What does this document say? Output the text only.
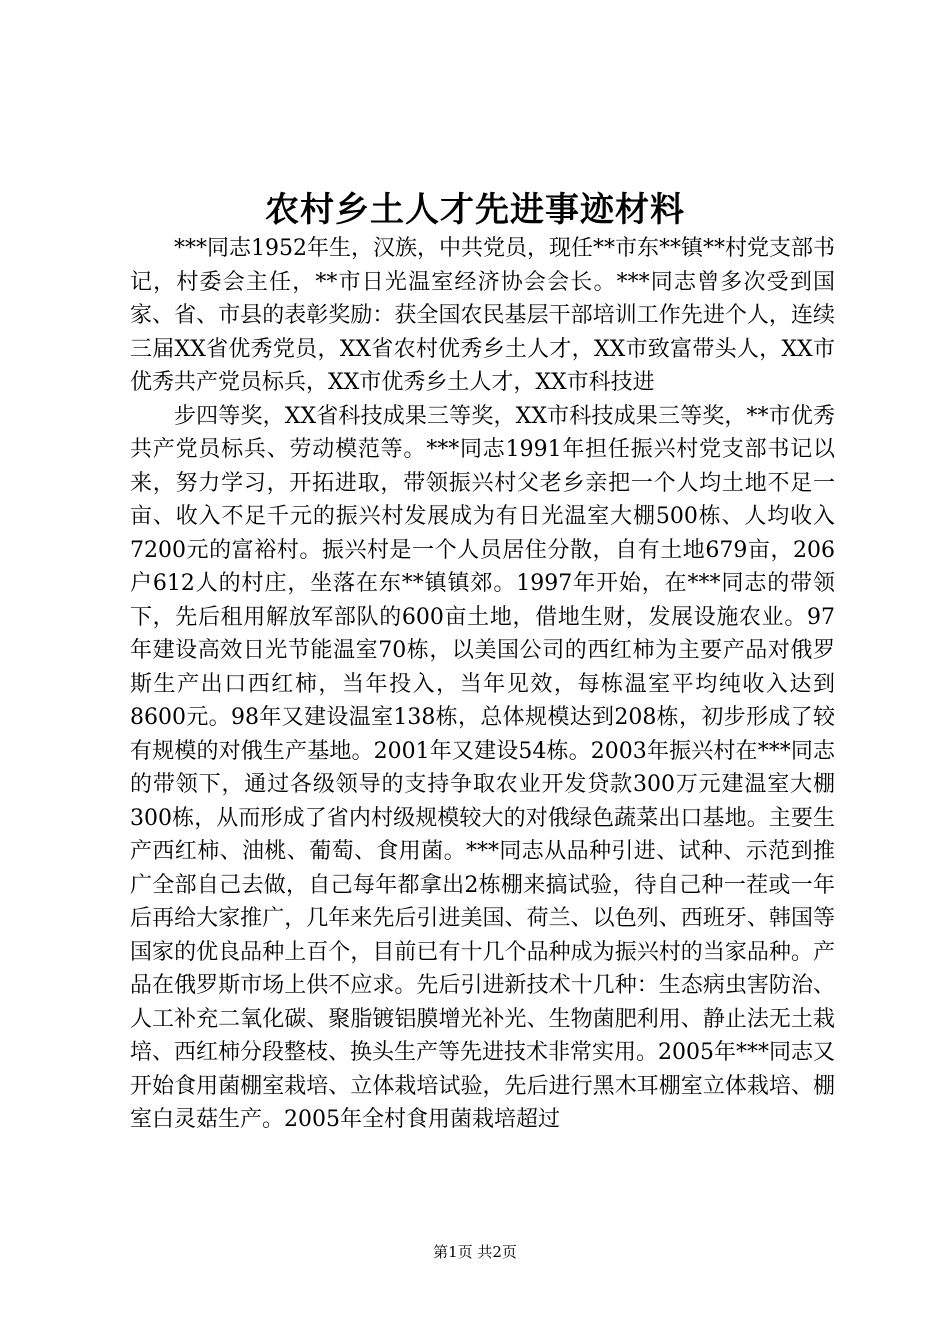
农村乡土人才先进事迹材料

***同志1952年生，汉族，中共党员，现任**市东**镇**村党支部书记，村委会主任，**市日光温室经济协会会长。***同志曾多次受到国家、省、市县的表彰奖励：获全国农民基层干部培训工作先进个人，连续三届XX省优秀党员，XX省农村优秀乡土人才，XX市致富带头人，XX市优秀共产党员标兵，XX市优秀乡土人才，XX市科技进

步四等奖，XX省科技成果三等奖，XX市科技成果三等奖，**市优秀共产党员标兵、劳动模范等。***同志1991年担任振兴村党支部书记以来，努力学习，开拓进取，带领振兴村父老乡亲把一个人均土地不足一亩、收入不足千元的振兴村发展成为有日光温室大棚500栋、人均收入7200元的富裕村。振兴村是一个人员居住分散，自有土地679亩，206户612人的村庄，坐落在东**镇镇郊。1997年开始，在***同志的带领下，先后租用解放军部队的600亩土地，借地生财，发展设施农业。97年建设高效日光节能温室70栋，以美国公司的西红柿为主要产品对俄罗斯生产出口西红柿，当年投入，当年见效，每栋温室平均纯收入达到8600元。98年又建设温室138栋，总体规模达到208栋，初步形成了较有规模的对俄生产基地。2001年又建设54栋。2003年振兴村在***同志的带领下，通过各级领导的支持争取农业开发贷款300万元建温室大棚300栋，从而形成了省内村级规模较大的对俄绿色蔬菜出口基地。主要生产西红柿、油桃、葡萄、食用菌。***同志从品种引进、试种、示范到推广全部自己去做，自己每年都拿出2栋棚来搞试验，待自己种一茬或一年后再给大家推广，几年来先后引进美国、荷兰、以色列、西班牙、韩国等国家的优良品种上百个，目前已有十几个品种成为振兴村的当家品种。产品在俄罗斯市场上供不应求。先后引进新技术十几种：生态病虫害防治、人工补充二氧化碳、聚脂镀铝膜增光补光、生物菌肥利用、静止法无土栽培、西红柿分段整枝、换头生产等先进技术非常实用。2005年***同志又开始食用菌棚室栽培、立体栽培试验，先后进行黑木耳棚室立体栽培、棚室白灵菇生产。2005年全村食用菌栽培超过

第1页 共2页
